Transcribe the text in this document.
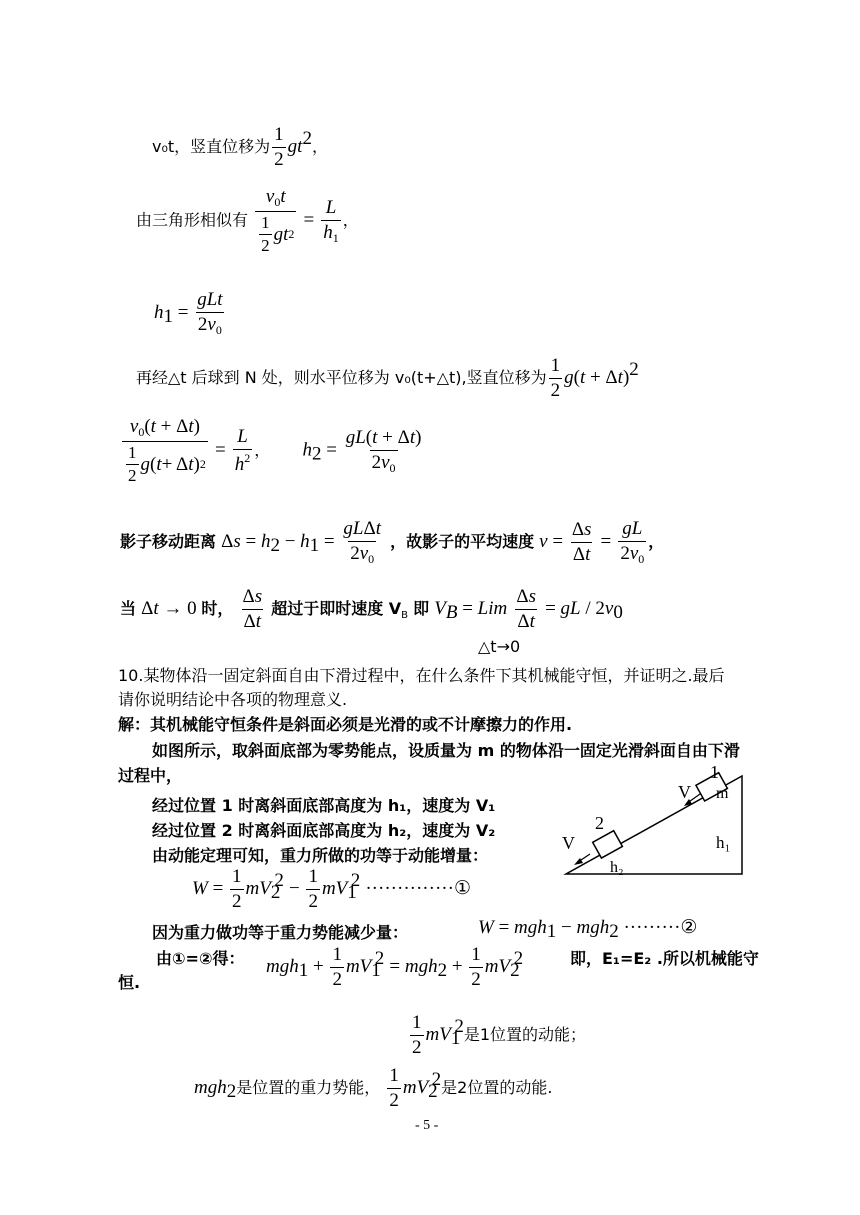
v₀t，竖直位移为 $\frac{1}{2} gt^2$，
由三角形相似有 $\frac{v_0t}{\frac{1}{2} gt 2} = \frac{L}{h_1}$ ，
$h_1 = \frac{\text{gLt}}{2v_0}$
再经△t 后球到 N 处，则水平位移为 v₀(t+△t),竖直位移为 $\frac{1}{2} g(t + \Delta t)^2$
$\frac{v_0(t + \Delta t)}{\frac{1}{2} g ( t + \Delta t ) 2} = \frac{L}{h^2}$ ， $h_2 = \frac{gL(t + \Delta t)}{2v_0}$
影子移动距离 $\Delta s = h_2 - h_1 = \frac{\text{gLΔt}}{2v_0}$ ，故影子的平均速度 $v = \frac{\Delta s}{\Delta t} = \frac{gL}{2v_0}$ ，
当 Δt → 0 时， $\frac{\Delta s}{\Delta t}$ 超过于即时速度 $V_B$ 即 $V_B$ = Lim $\frac{\Delta s}{\Delta t}$ = gL / $2v_0$
△t→0
10.某物体沿一固定斜面自由下滑过程中，在什么条件下其机械能守恒，并证明之.最后
请你说明结论中各项的物理意义.
解：其机械能守恒条件是斜面必须是光滑的或不计摩擦力的作用.
如图所示，取斜面底部为零势能点，设质量为 m 的物体沿一固定光滑斜面自由下滑
过程中，
经过位置 1 时离斜面底部高度为 h₁，速度为 V₁
经过位置 2 时离斜面底部高度为 h₂，速度为 V₂
由动能定理可知，重力所做的功等于动能增量：
$W = \frac{1}{2} mV_2^2 - \frac{1}{2} mV_1^2$ ··············①
因为重力做功等于重力势能减少量：	W = mgh$_1$ − mgh$_2$ ·········②
由①=②得： $mgh_1 + \frac{1}{2} mV_1^2 = mgh_2 + \frac{1}{2} mV_2^2$	即，E₁=E₂ .所以机械能守
恒.
$\frac{1}{2} mV_1^2$是1位置的动能；
mgh$_2$是位置的重力势能， $\frac{1}{2} mV_2^2$是2位置的动能.
V
1
m
V
2
h₁
h₂
- 5 -
